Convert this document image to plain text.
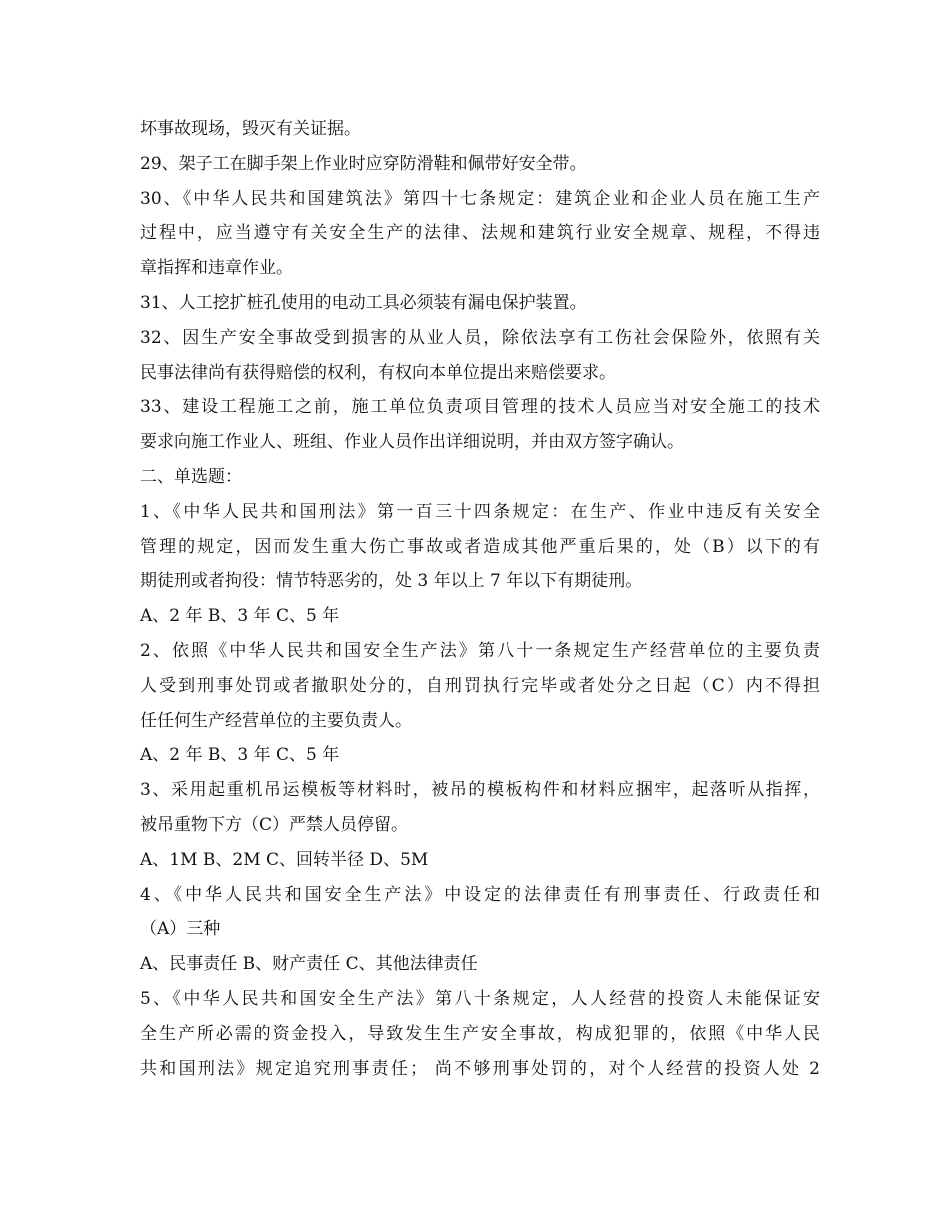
坏事故现场，毁灭有关证据。
29、架子工在脚手架上作业时应穿防滑鞋和佩带好安全带。
30、《中华人民共和国建筑法》第四十七条规定：建筑企业和企业人员在施工生产
过程中，应当遵守有关安全生产的法律、法规和建筑行业安全规章、规程，不得违
章指挥和违章作业。
31、人工挖扩桩孔使用的电动工具必须装有漏电保护装置。
32、因生产安全事故受到损害的从业人员，除依法享有工伤社会保险外，依照有关
民事法律尚有获得赔偿的权利，有权向本单位提出来赔偿要求。
33、建设工程施工之前，施工单位负责项目管理的技术人员应当对安全施工的技术
要求向施工作业人、班组、作业人员作出详细说明，并由双方签字确认。
二、单选题：
1、《中华人民共和国刑法》第一百三十四条规定：在生产、作业中违反有关安全
管理的规定，因而发生重大伤亡事故或者造成其他严重后果的，处（B）以下的有
期徒刑或者拘役：情节特恶劣的，处 3 年以上 7 年以下有期徒刑。
A、2 年 B、3 年 C、5 年
2、依照《中华人民共和国安全生产法》第八十一条规定生产经营单位的主要负责
人受到刑事处罚或者撤职处分的，自刑罚执行完毕或者处分之日起（C）内不得担
任任何生产经营单位的主要负责人。
A、2 年 B、3 年 C、5 年
3、采用起重机吊运模板等材料时，被吊的模板构件和材料应捆牢，起落听从指挥，
被吊重物下方（C）严禁人员停留。
A、1M B、2M C、回转半径 D、5M
4、《中华人民共和国安全生产法》中设定的法律责任有刑事责任、行政责任和
（A）三种
A、民事责任 B、财产责任 C、其他法律责任
5、《中华人民共和国安全生产法》第八十条规定，人人经营的投资人未能保证安
全生产所必需的资金投入，导致发生生产安全事故，构成犯罪的，依照《中华人民
共和国刑法》规定追究刑事责任； 尚不够刑事处罚的，对个人经营的投资人处 2
